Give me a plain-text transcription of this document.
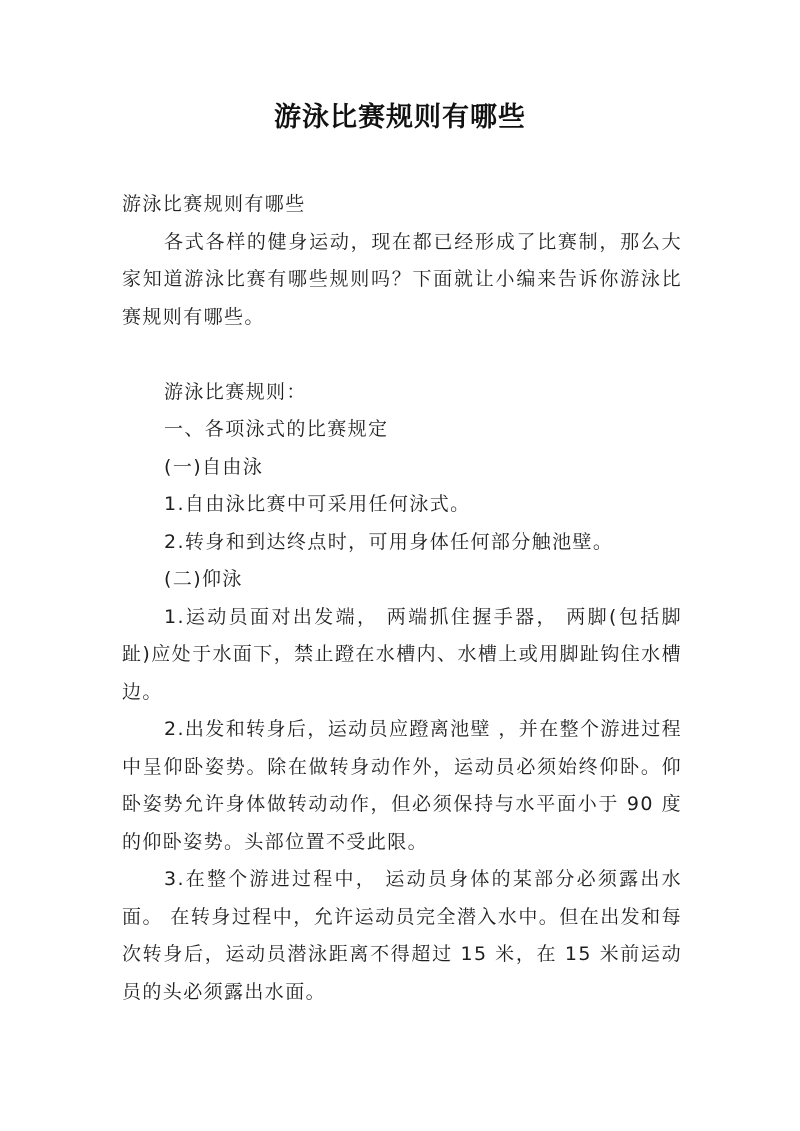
游泳比赛规则有哪些

游泳比赛规则有哪些

各式各样的健身运动，现在都已经形成了比赛制，那么大家知道游泳比赛有哪些规则吗？下面就让小编来告诉你游泳比赛规则有哪些。

游泳比赛规则：

一、各项泳式的比赛规定

(一)自由泳

1.自由泳比赛中可采用任何泳式。

2.转身和到达终点时，可用身体任何部分触池壁。

(二)仰泳

1.运动员面对出发端， 两端抓住握手器， 两脚(包括脚趾)应处于水面下，禁止蹬在水槽内、水槽上或用脚趾钩住水槽边。

2.出发和转身后，运动员应蹬离池壁 ，并在整个游进过程中呈仰卧姿势。除在做转身动作外，运动员必须始终仰卧。仰卧姿势允许身体做转动动作，但必须保持与水平面小于 90 度的仰卧姿势。头部位置不受此限。

3.在整个游进过程中， 运动员身体的某部分必须露出水面。 在转身过程中，允许运动员完全潜入水中。但在出发和每次转身后，运动员潜泳距离不得超过 15 米，在 15 米前运动员的头必须露出水面。
